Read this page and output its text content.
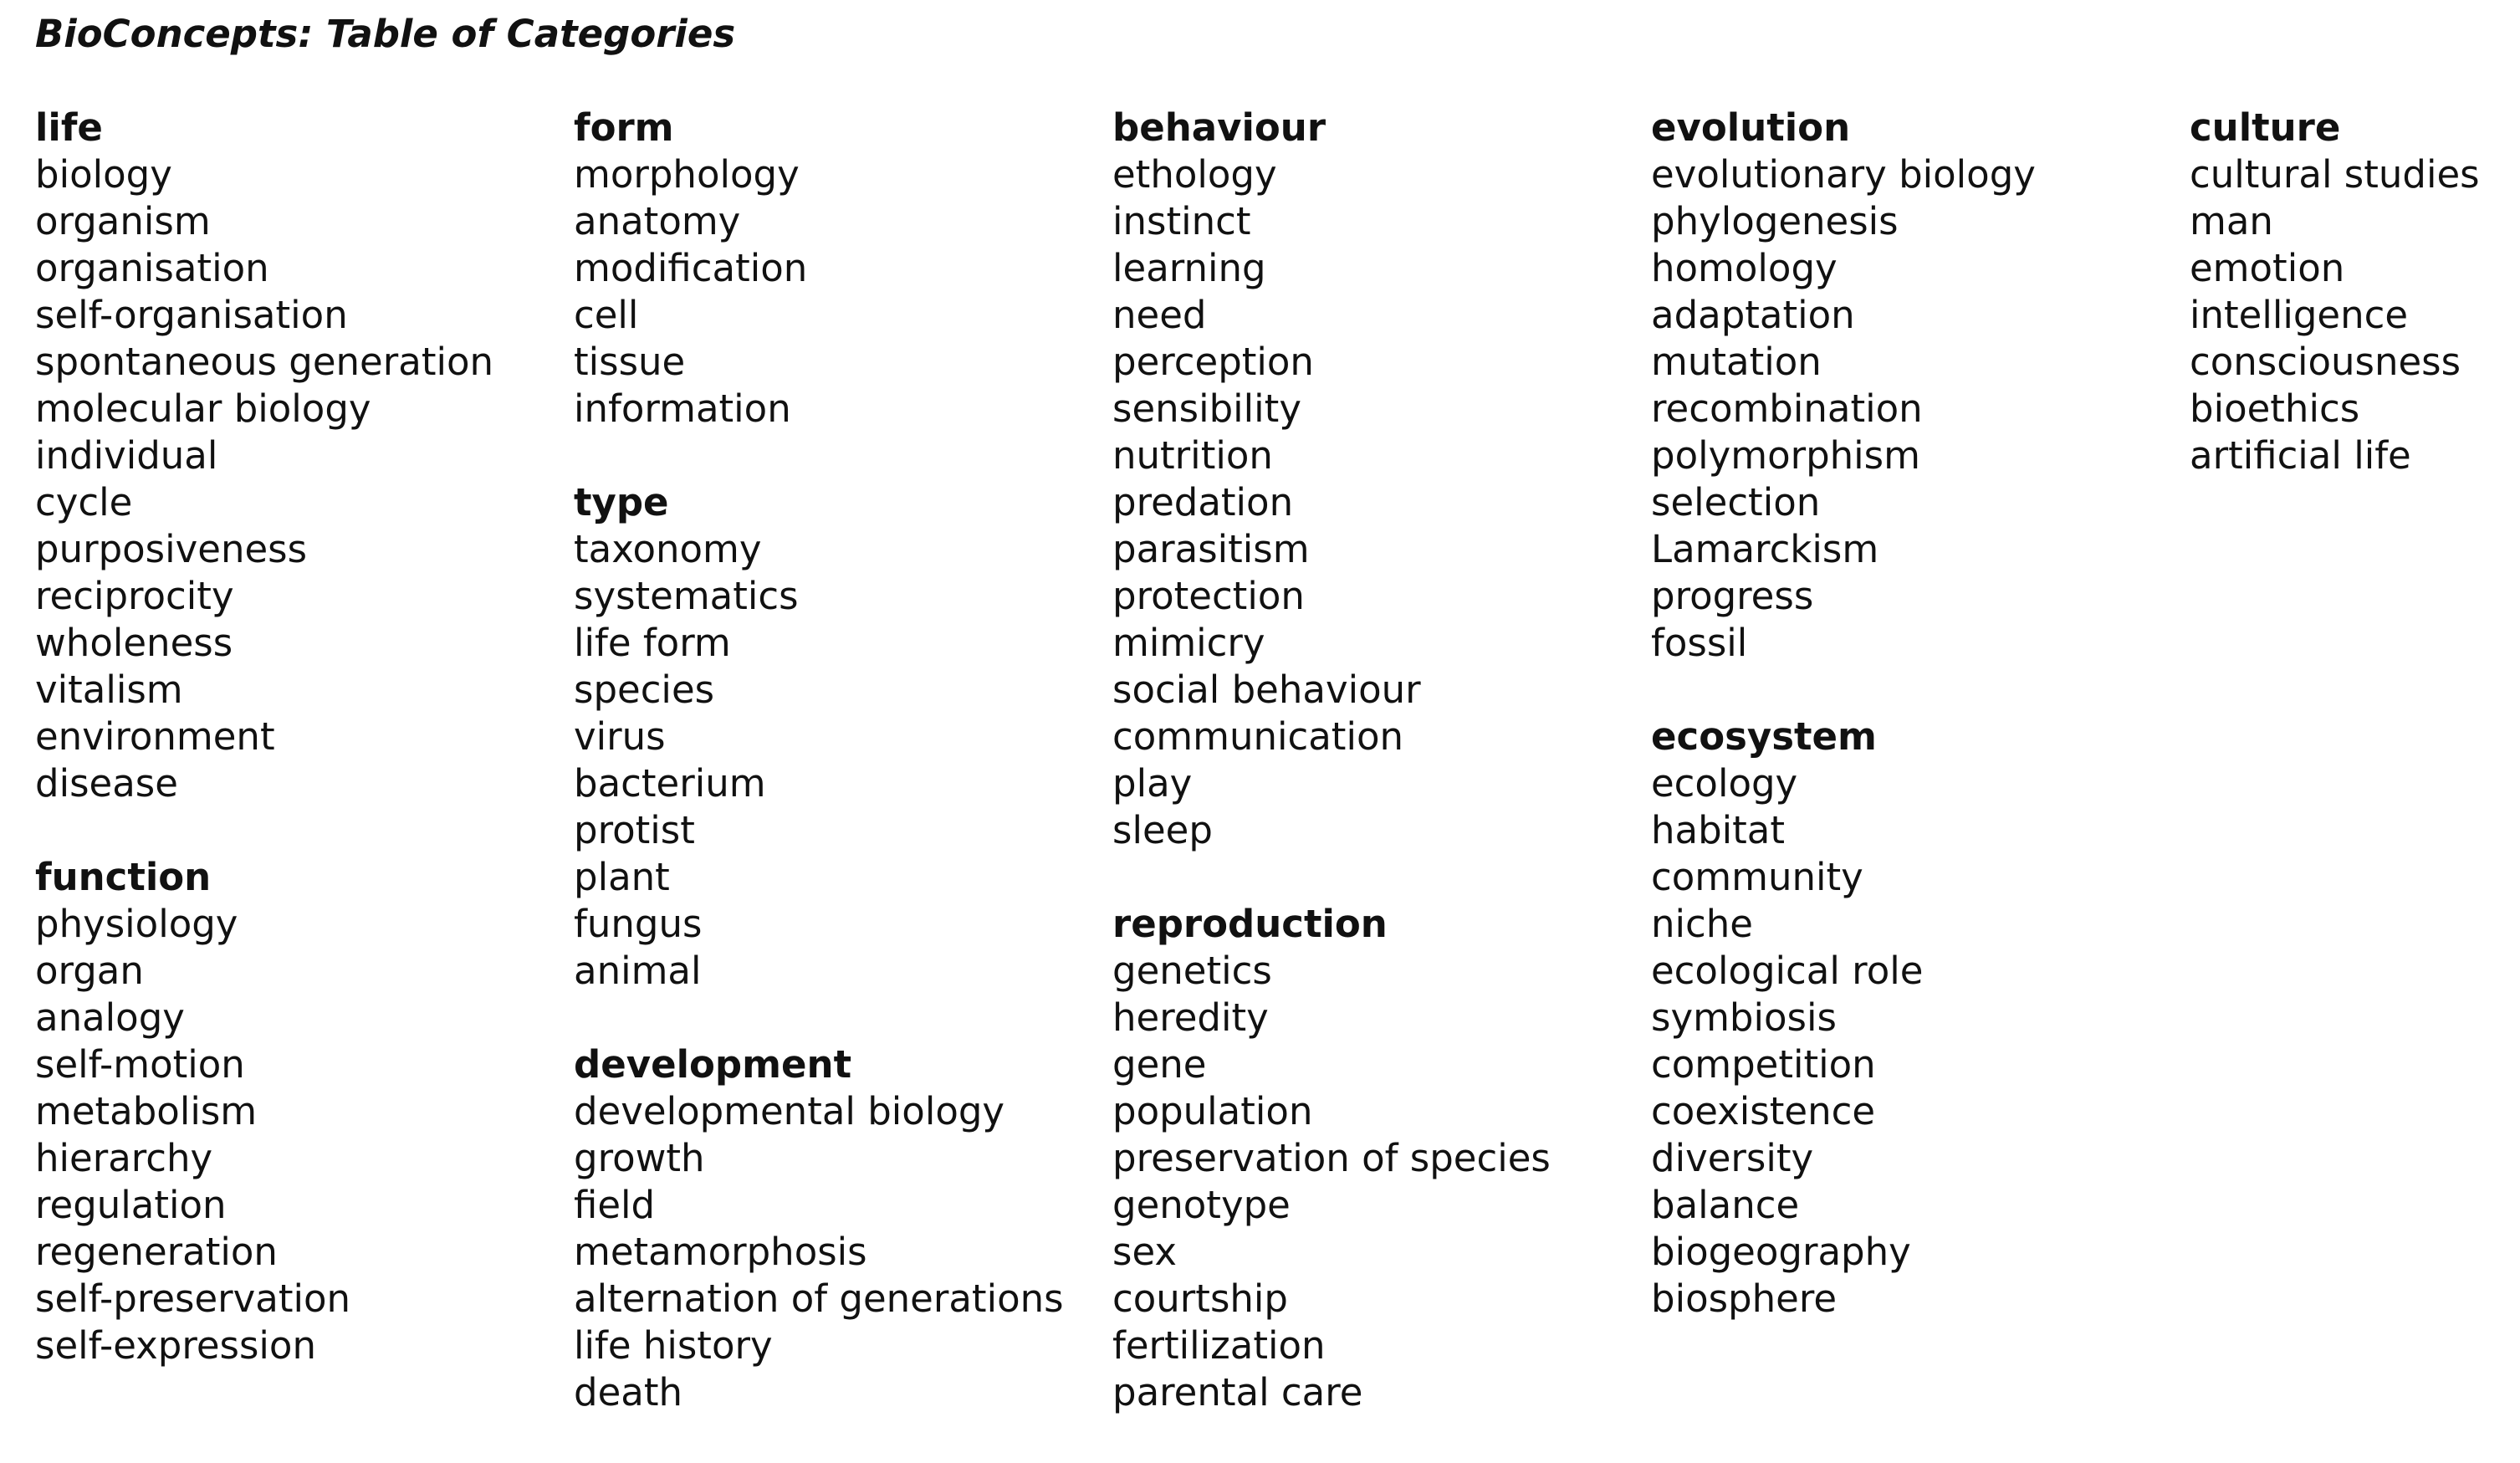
BioConcepts: Table of Categories
life
biology
organism
organisation
self-organisation
spontaneous generation
molecular biology
individual
cycle
purposiveness
reciprocity
wholeness
vitalism
environment
disease
function
physiology
organ
analogy
self-motion
metabolism
hierarchy
regulation
regeneration
self-preservation
self-expression
form
morphology
anatomy
modification
cell
tissue
information
type
taxonomy
systematics
life form
species
virus
bacterium
protist
plant
fungus
animal
development
developmental biology
growth
field
metamorphosis
alternation of generations
life history
death
behaviour
ethology
instinct
learning
need
perception
sensibility
nutrition
predation
parasitism
protection
mimicry
social behaviour
communication
play
sleep
reproduction
genetics
heredity
gene
population
preservation of species
genotype
sex
courtship
fertilization
parental care
evolution
evolutionary biology
phylogenesis
homology
adaptation
mutation
recombination
polymorphism
selection
Lamarckism
progress
fossil
ecosystem
ecology
habitat
community
niche
ecological role
symbiosis
competition
coexistence
diversity
balance
biogeography
biosphere
culture
cultural studies
man
emotion
intelligence
consciousness
bioethics
artificial life
